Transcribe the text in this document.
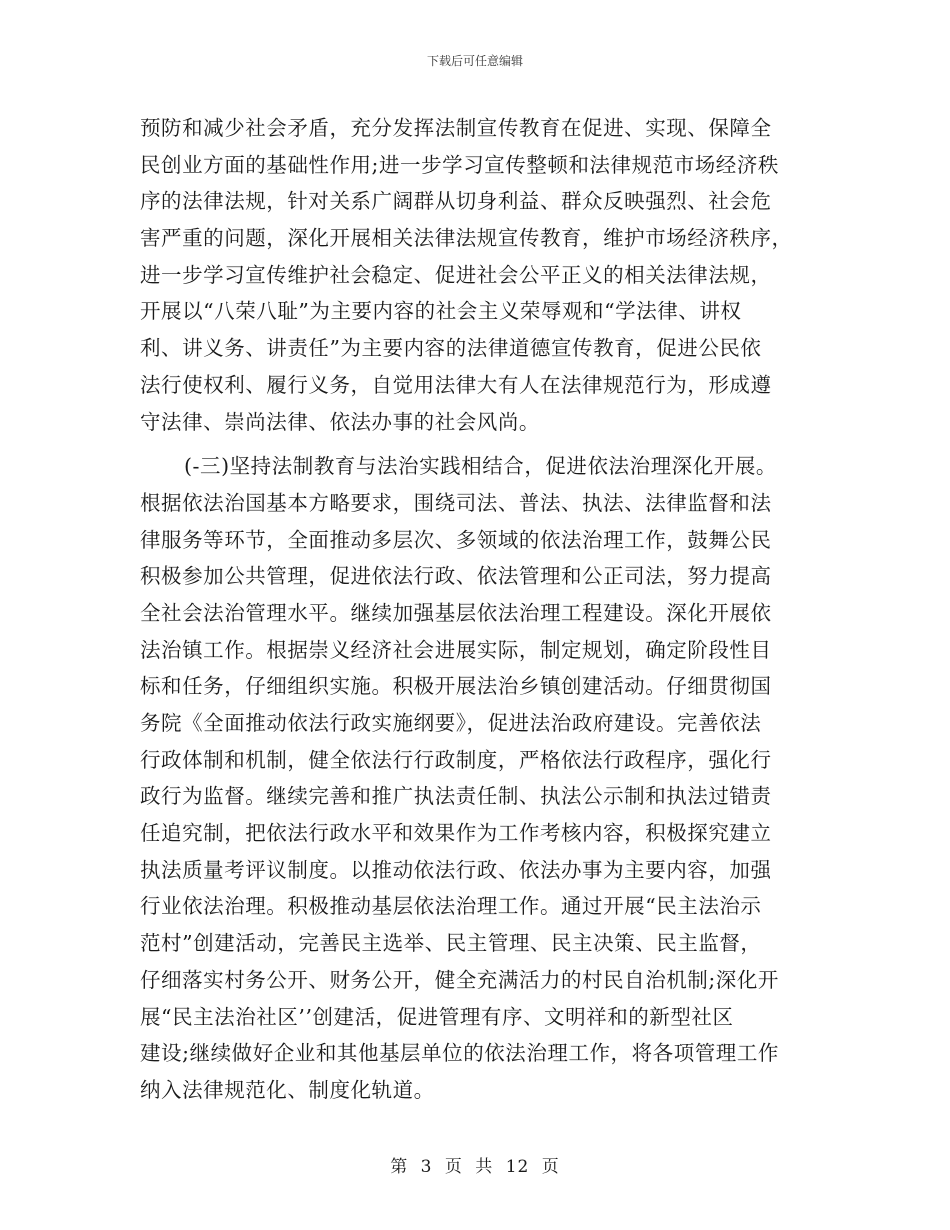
下载后可任意编辑
预防和减少社会矛盾，充分发挥法制宣传教育在促进、实现、保障全
民创业方面的基础性作用;进一步学习宣传整顿和法律规范市场经济秩
序的法律法规，针对关系广阔群从切身利益、群众反映强烈、社会危
害严重的问题，深化开展相关法律法规宣传教育，维护市场经济秩序，
进一步学习宣传维护社会稳定、促进社会公平正义的相关法律法规，
开展以“八荣八耻”为主要内容的社会主义荣辱观和“学法律、讲权
利、讲义务、讲责任”为主要内容的法律道德宣传教育，促进公民依
法行使权利、履行义务，自觉用法律大有人在法律规范行为，形成遵
守法律、崇尚法律、依法办事的社会风尚。
(-三)坚持法制教育与法治实践相结合，促进依法治理深化开展。
根据依法治国基本方略要求，围绕司法、普法、执法、法律监督和法
律服务等环节，全面推动多层次、多领域的依法治理工作，鼓舞公民
积极参加公共管理，促进依法行政、依法管理和公正司法，努力提高
全社会法治管理水平。继续加强基层依法治理工程建设。深化开展依
法治镇工作。根据崇义经济社会进展实际，制定规划，确定阶段性目
标和任务，仔细组织实施。积极开展法治乡镇创建活动。仔细贯彻国
务院《全面推动依法行政实施纲要》，促进法治政府建设。完善依法
行政体制和机制，健全依法行行政制度，严格依法行政程序，强化行
政行为监督。继续完善和推广执法责任制、执法公示制和执法过错责
任追究制，把依法行政水平和效果作为工作考核内容，积极探究建立
执法质量考评议制度。以推动依法行政、依法办事为主要内容，加强
行业依法治理。积极推动基层依法治理工作。通过开展“民主法治示
范村”创建活动，完善民主选举、民主管理、民主决策、民主监督，
仔细落实村务公开、财务公开，健全充满活力的村民自治机制;深化开
展“民主法治社区’’创建活，促进管理有序、文明祥和的新型社区
建设;继续做好企业和其他基层单位的依法治理工作，将各项管理工作
纳入法律规范化、制度化轨道。
第 3 页 共 12 页
